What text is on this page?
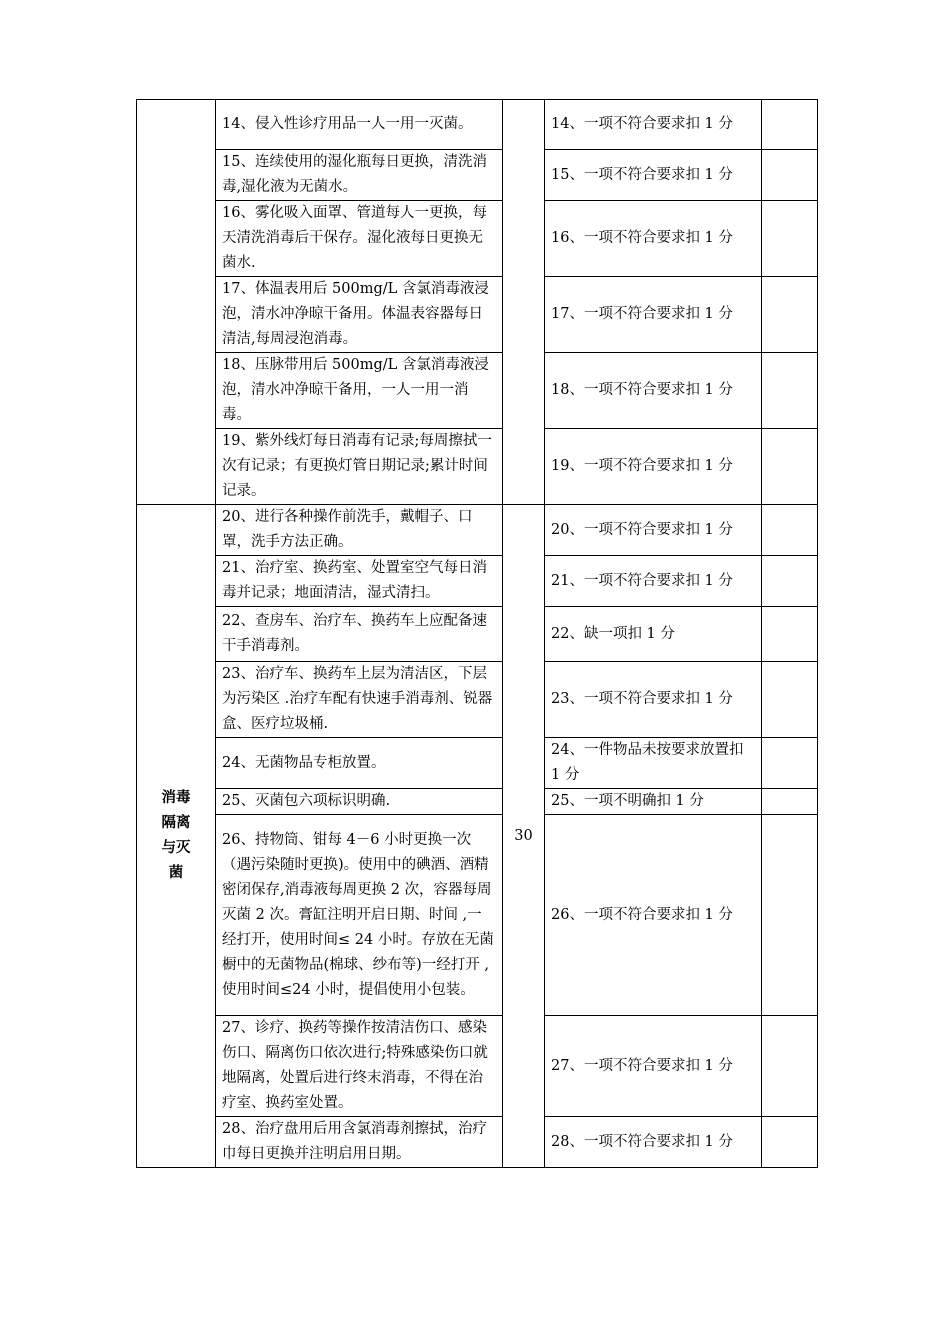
	14、侵入性诊疗用品一人一用一灭菌。		14、一项不符合要求扣 1 分	
	15、连续使用的湿化瓶每日更换，清洗消毒,湿化液为无菌水。		15、一项不符合要求扣 1 分	
	16、雾化吸入面罩、管道每人一更换，每天清洗消毒后干保存。湿化液每日更换无菌水.		16、一项不符合要求扣 1 分	
	17、体温表用后 500mg/L 含氯消毒液浸泡，清水冲净晾干备用。体温表容器每日清洁,每周浸泡消毒。		17、一项不符合要求扣 1 分	
	18、压脉带用后 500mg/L 含氯消毒液浸泡，清水冲净晾干备用，一人一用一消毒。		18、一项不符合要求扣 1 分	
	19、紫外线灯每日消毒有记录;每周擦拭一次有记录；有更换灯管日期记录;累计时间记录。		19、一项不符合要求扣 1 分	

消毒
隔离
与灭
菌	20、进行各种操作前洗手，戴帽子、口罩，洗手方法正确。	30	20、一项不符合要求扣 1 分	
	21、治疗室、换药室、处置室空气每日消毒并记录；地面清洁，湿式清扫。		21、一项不符合要求扣 1 分	
	22、查房车、治疗车、换药车上应配备速干手消毒剂。		22、缺一项扣 1 分	
	23、治疗车、换药车上层为清洁区，下层为污染区 .治疗车配有快速手消毒剂、锐器盒、医疗垃圾桶.		23、一项不符合要求扣 1 分	
	24、无菌物品专柜放置。		24、一件物品未按要求放置扣 1 分	
	25、灭菌包六项标识明确.		25、一项不明确扣 1 分	
	26、持物筒、钳每 4－6 小时更换一次（遇污染随时更换)。使用中的碘酒、酒精密闭保存,消毒液每周更换 2 次，容器每周灭菌 2 次。膏缸注明开启日期、时间 ,一经打开，使用时间≤ 24 小时。存放在无菌橱中的无菌物品(棉球、纱布等)一经打开 ,使用时间≤24 小时，提倡使用小包装。		26、一项不符合要求扣 1 分	
	27、诊疗、换药等操作按清洁伤口、感染伤口、隔离伤口依次进行;特殊感染伤口就地隔离，处置后进行终末消毒，不得在治疗室、换药室处置。		27、一项不符合要求扣 1 分	
	28、治疗盘用后用含氯消毒剂擦拭，治疗巾每日更换并注明启用日期。		28、一项不符合要求扣 1 分	
